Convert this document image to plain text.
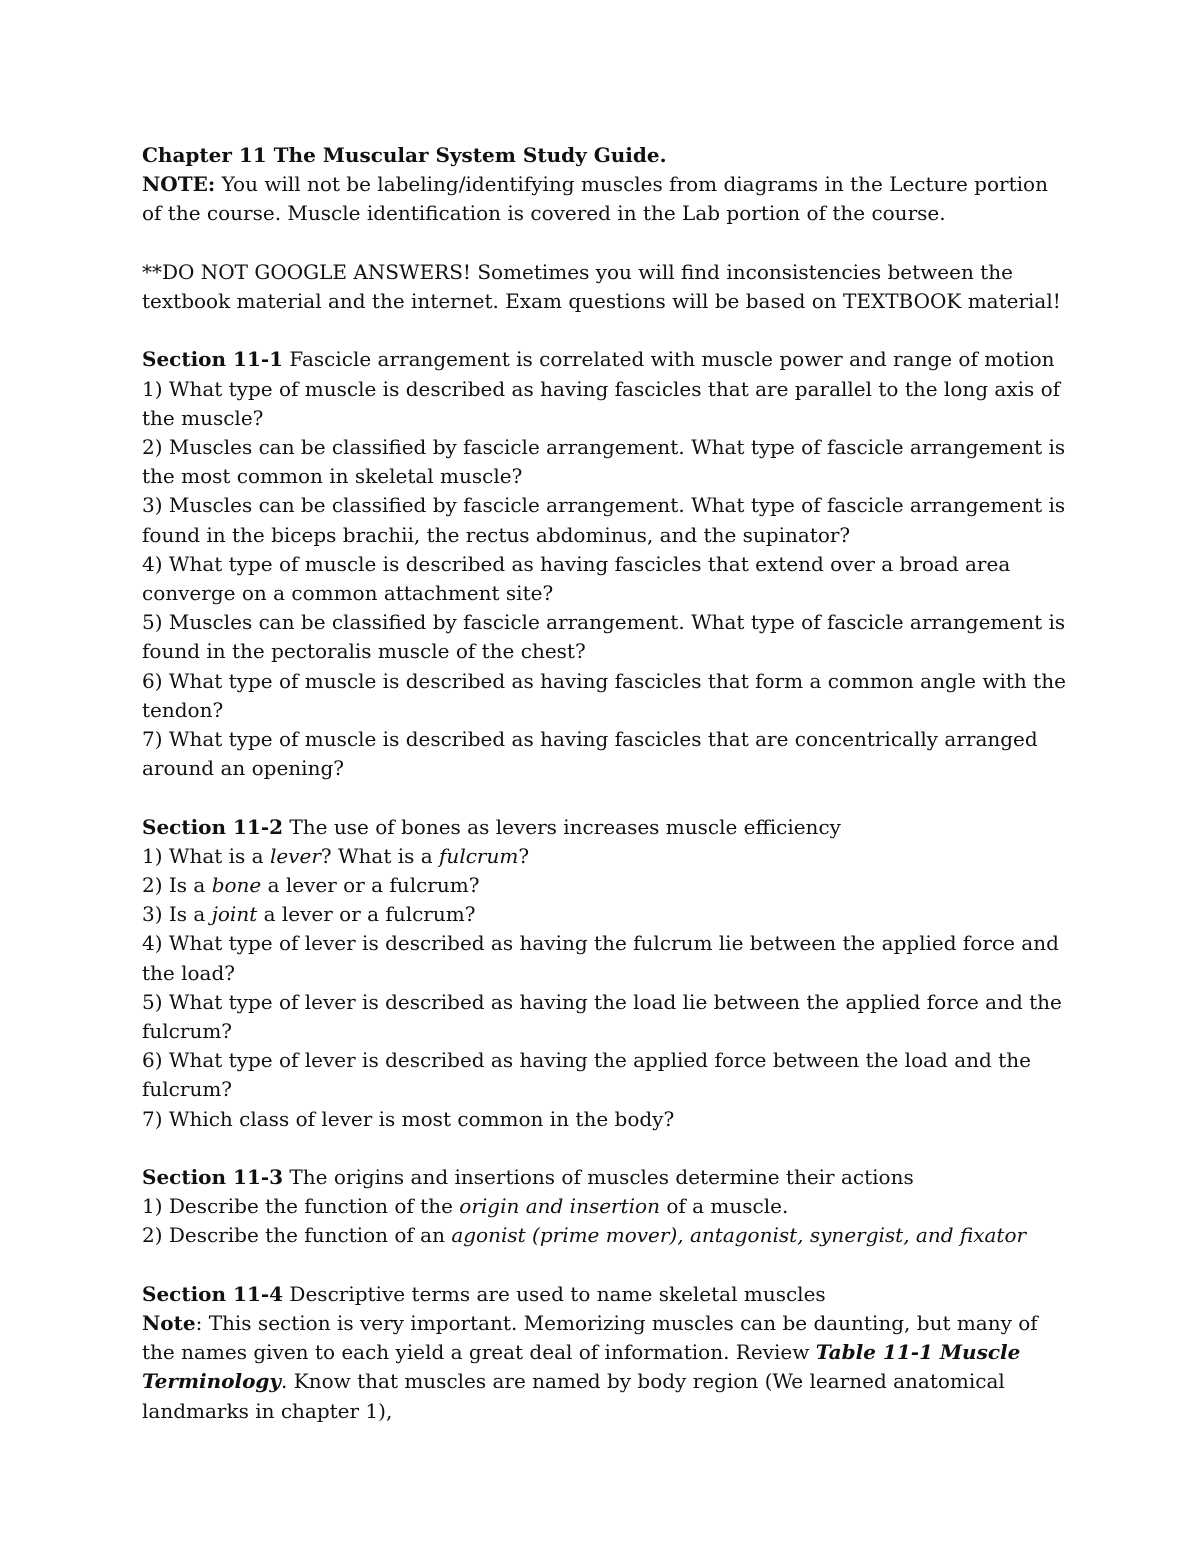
Chapter 11 The Muscular System Study Guide.

NOTE: You will not be labeling/identifying muscles from diagrams in the Lecture portion of the course. Muscle identification is covered in the Lab portion of the course.

**DO NOT GOOGLE ANSWERS! Sometimes you will find inconsistencies between the textbook material and the internet. Exam questions will be based on TEXTBOOK material!

Section 11-1 Fascicle arrangement is correlated with muscle power and range of motion

1) What type of muscle is described as having fascicles that are parallel to the long axis of the muscle?

2) Muscles can be classified by fascicle arrangement. What type of fascicle arrangement is the most common in skeletal muscle?

3) Muscles can be classified by fascicle arrangement. What type of fascicle arrangement is found in the biceps brachii, the rectus abdominus, and the supinator?

4) What type of muscle is described as having fascicles that extend over a broad area converge on a common attachment site?

5) Muscles can be classified by fascicle arrangement. What type of fascicle arrangement is found in the pectoralis muscle of the chest?

6) What type of muscle is described as having fascicles that form a common angle with the tendon?

7) What type of muscle is described as having fascicles that are concentrically arranged around an opening?

Section 11-2 The use of bones as levers increases muscle efficiency

1) What is a lever? What is a fulcrum?

2) Is a bone a lever or a fulcrum?

3) Is a joint a lever or a fulcrum?

4) What type of lever is described as having the fulcrum lie between the applied force and the load?

5) What type of lever is described as having the load lie between the applied force and the fulcrum?

6) What type of lever is described as having the applied force between the load and the fulcrum?

7) Which class of lever is most common in the body?

Section 11-3 The origins and insertions of muscles determine their actions

1) Describe the function of the origin and insertion of a muscle.

2) Describe the function of an agonist (prime mover), antagonist, synergist, and fixator

Section 11-4 Descriptive terms are used to name skeletal muscles

Note: This section is very important. Memorizing muscles can be daunting, but many of the names given to each yield a great deal of information. Review Table 11-1 Muscle Terminology. Know that muscles are named by body region (We learned anatomical landmarks in chapter 1),
